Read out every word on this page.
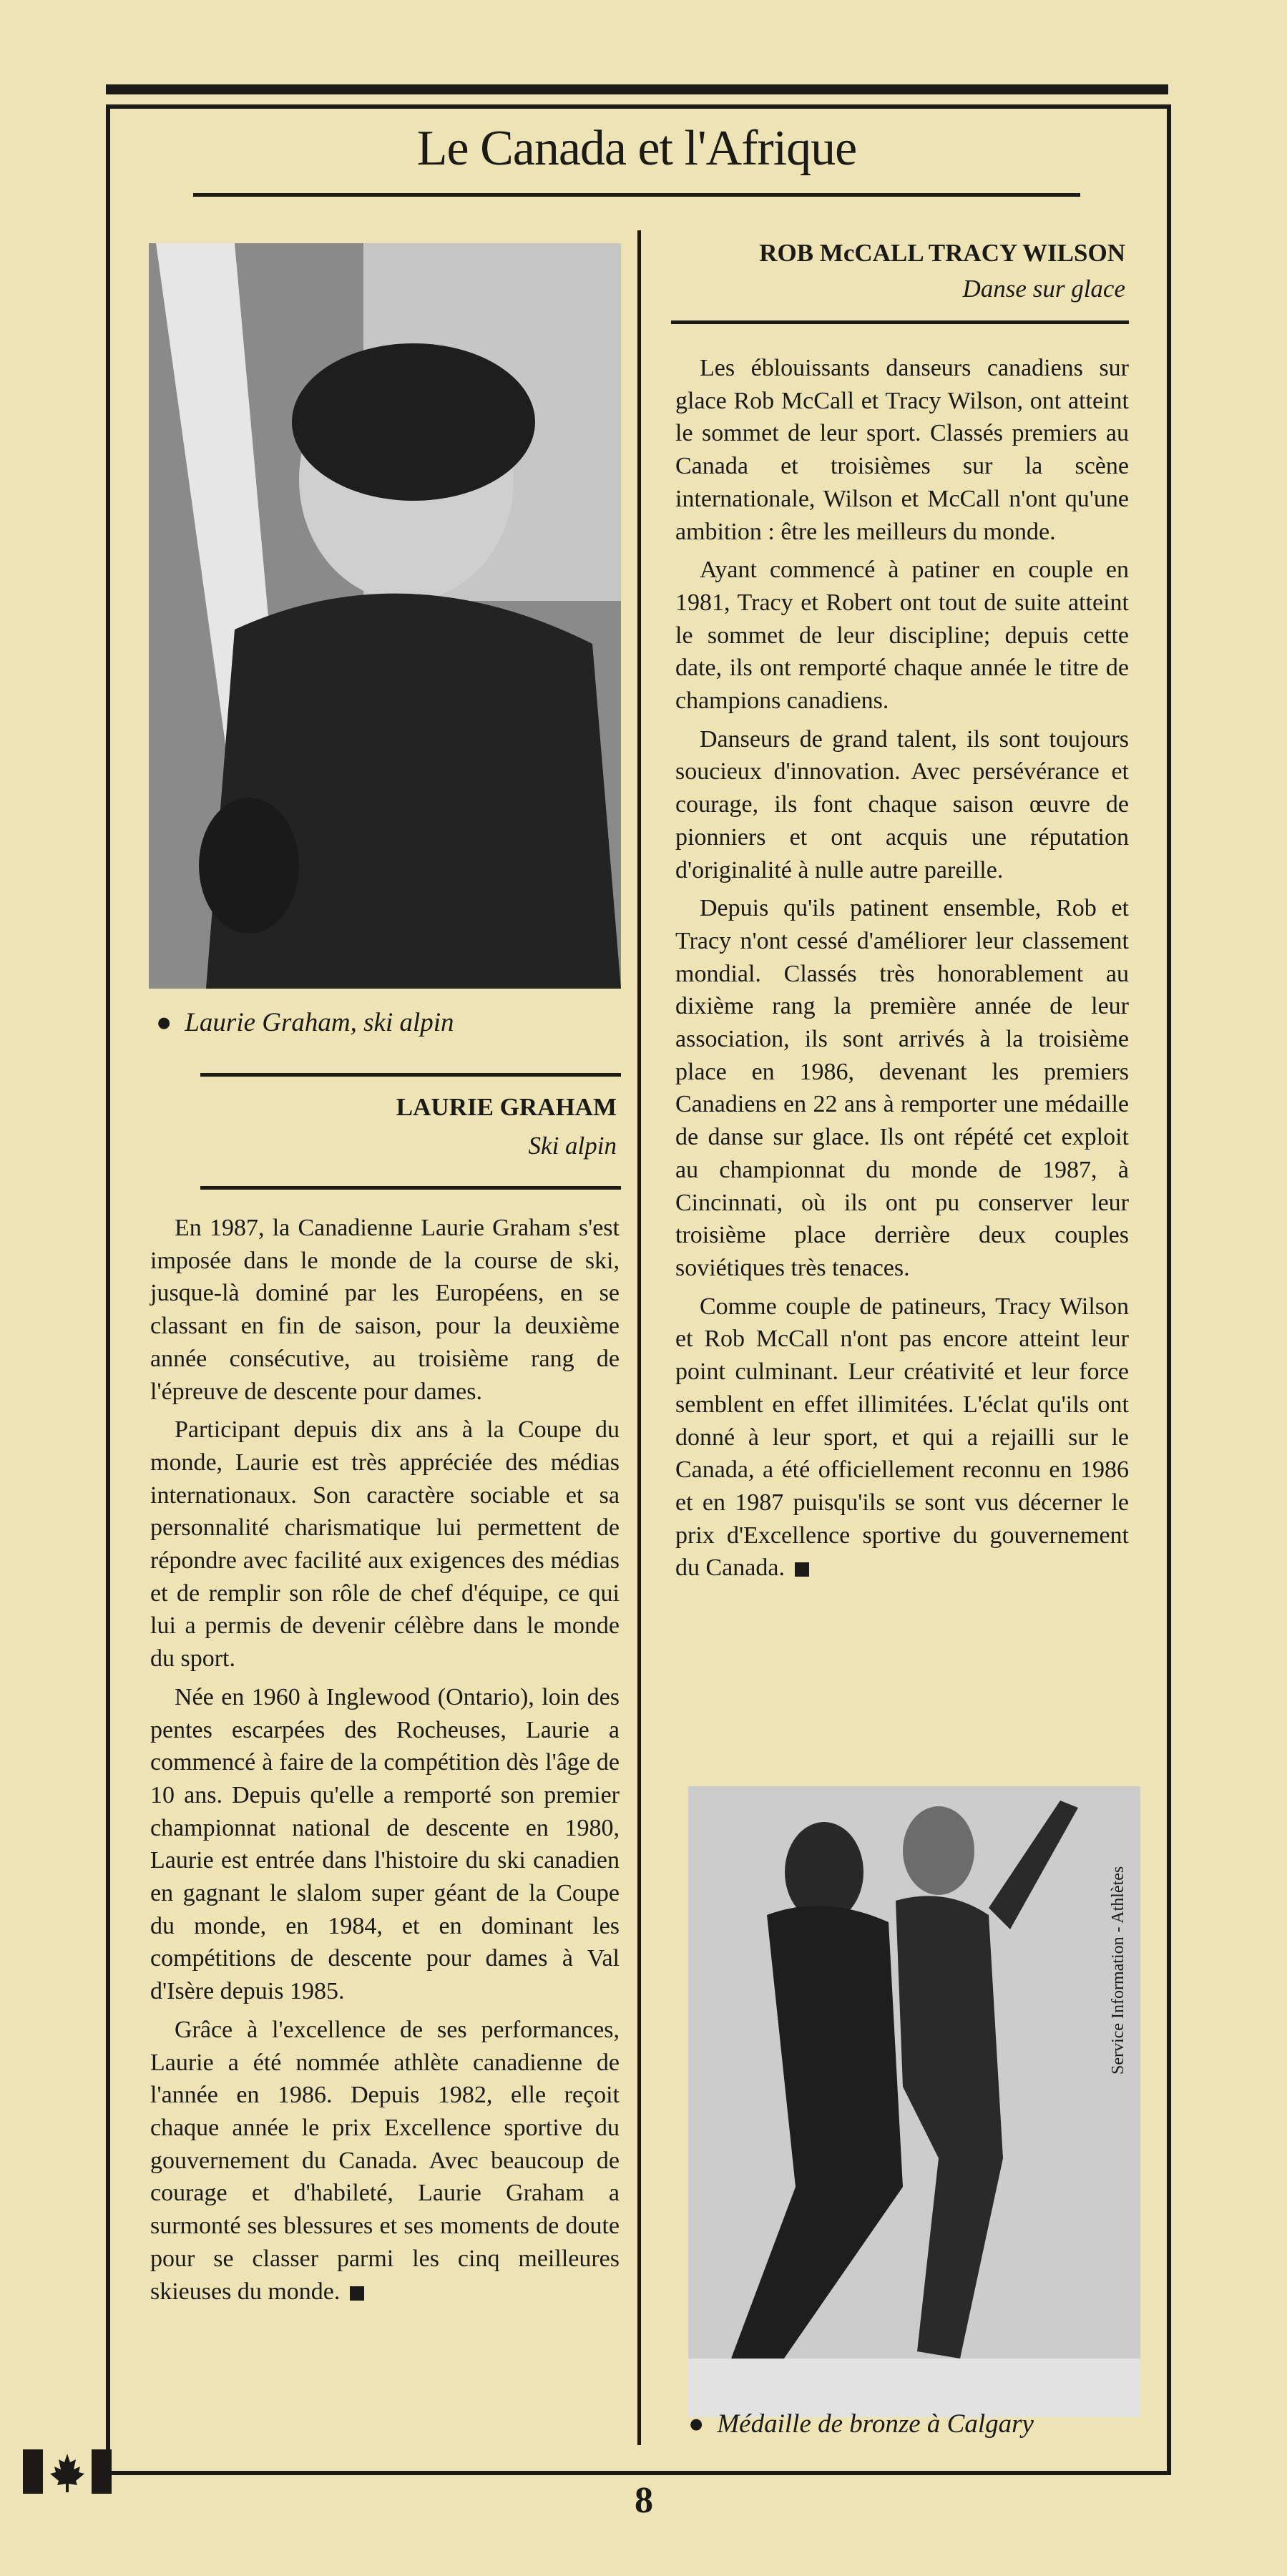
Le Canada et l'Afrique
● Laurie Graham, ski alpin
LAURIE GRAHAM
Ski alpin

En 1987, la Canadienne Laurie Graham s'est imposée dans le monde de la course de ski, jusque-là dominé par les Européens, en se classant en fin de saison, pour la deuxième année consécutive, au troisième rang de l'épreuve de descente pour dames.

Participant depuis dix ans à la Coupe du monde, Laurie est très appréciée des médias internationaux. Son caractère sociable et sa personnalité charismatique lui permettent de répondre avec facilité aux exigences des médias et de remplir son rôle de chef d'équipe, ce qui lui a permis de devenir célèbre dans le monde du sport.

Née en 1960 à Inglewood (Ontario), loin des pentes escarpées des Rocheuses, Laurie a commencé à faire de la compétition dès l'âge de 10 ans. Depuis qu'elle a remporté son premier championnat national de descente en 1980, Laurie est entrée dans l'histoire du ski canadien en gagnant le slalom super géant de la Coupe du monde, en 1984, et en dominant les compétitions de descente pour dames à Val d'Isère depuis 1985.

Grâce à l'excellence de ses performances, Laurie a été nommée athlète canadienne de l'année en 1986. Depuis 1982, elle reçoit chaque année le prix Excellence sportive du gouvernement du Canada. Avec beaucoup de courage et d'habileté, Laurie Graham a surmonté ses blessures et ses moments de doute pour se classer parmi les cinq meilleures skieuses du monde.

ROB McCALL TRACY WILSON
Danse sur glace

Les éblouissants danseurs canadiens sur glace Rob McCall et Tracy Wilson, ont atteint le sommet de leur sport. Classés premiers au Canada et troisièmes sur la scène internationale, Wilson et McCall n'ont qu'une ambition : être les meilleurs du monde.

Ayant commencé à patiner en couple en 1981, Tracy et Robert ont tout de suite atteint le sommet de leur discipline; depuis cette date, ils ont remporté chaque année le titre de champions canadiens.

Danseurs de grand talent, ils sont toujours soucieux d'innovation. Avec persévérance et courage, ils font chaque saison œuvre de pionniers et ont acquis une réputation d'originalité à nulle autre pareille.

Depuis qu'ils patinent ensemble, Rob et Tracy n'ont cessé d'améliorer leur classement mondial. Classés très honorablement au dixième rang la première année de leur association, ils sont arrivés à la troisième place en 1986, devenant les premiers Canadiens en 22 ans à remporter une médaille de danse sur glace. Ils ont répété cet exploit au championnat du monde de 1987, à Cincinnati, où ils ont pu conserver leur troisième place derrière deux couples soviétiques très tenaces.

Comme couple de patineurs, Tracy Wilson et Rob McCall n'ont pas encore atteint leur point culminant. Leur créativité et leur force semblent en effet illimitées. L'éclat qu'ils ont donné à leur sport, et qui a rejailli sur le Canada, a été officiellement reconnu en 1986 et en 1987 puisqu'ils se sont vus décerner le prix d'Excellence sportive du gouvernement du Canada.

Service Information - Athlètes
● Médaille de bronze à Calgary
8
